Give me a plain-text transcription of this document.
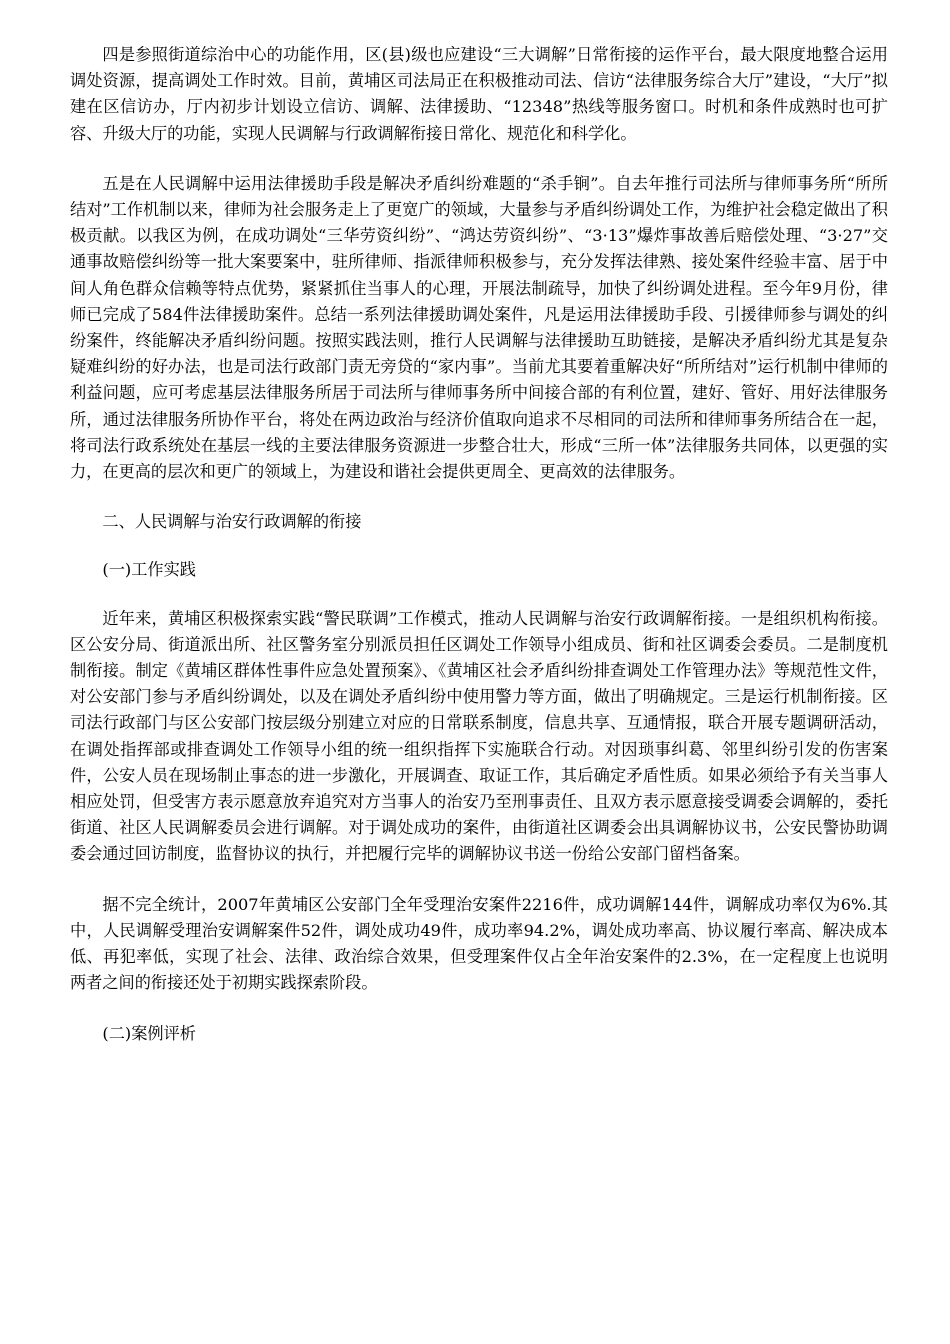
四是参照街道综治中心的功能作用，区(县)级也应建设“三大调解”日常衔接的运作平台，最大限度地整合运用调处资源，提高调处工作时效。目前，黄埔区司法局正在积极推动司法、信访“法律服务综合大厅”建设，“大厅”拟建在区信访办，厅内初步计划设立信访、调解、法律援助、“12348”热线等服务窗口。时机和条件成熟时也可扩容、升级大厅的功能，实现人民调解与行政调解衔接日常化、规范化和科学化。

五是在人民调解中运用法律援助手段是解决矛盾纠纷难题的“杀手锏”。自去年推行司法所与律师事务所“所所结对”工作机制以来，律师为社会服务走上了更宽广的领域，大量参与矛盾纠纷调处工作，为维护社会稳定做出了积极贡献。以我区为例，在成功调处“三华劳资纠纷”、“鸿达劳资纠纷”、“3·13”爆炸事故善后赔偿处理、“3·27”交通事故赔偿纠纷等一批大案要案中，驻所律师、指派律师积极参与，充分发挥法律熟、接处案件经验丰富、居于中间人角色群众信赖等特点优势，紧紧抓住当事人的心理，开展法制疏导，加快了纠纷调处进程。至今年9月份，律师已完成了584件法律援助案件。总结一系列法律援助调处案件，凡是运用法律援助手段、引援律师参与调处的纠纷案件，终能解决矛盾纠纷问题。按照实践法则，推行人民调解与法律援助互助链接，是解决矛盾纠纷尤其是复杂疑难纠纷的好办法，也是司法行政部门责无旁贷的“家内事”。当前尤其要着重解决好“所所结对”运行机制中律师的利益问题，应可考虑基层法律服务所居于司法所与律师事务所中间接合部的有利位置，建好、管好、用好法律服务所，通过法律服务所协作平台，将处在两边政治与经济价值取向追求不尽相同的司法所和律师事务所结合在一起，将司法行政系统处在基层一线的主要法律服务资源进一步整合壮大，形成“三所一体”法律服务共同体，以更强的实力，在更高的层次和更广的领域上，为建设和谐社会提供更周全、更高效的法律服务。

二、人民调解与治安行政调解的衔接

(一)工作实践

近年来，黄埔区积极探索实践“警民联调”工作模式，推动人民调解与治安行政调解衔接。一是组织机构衔接。区公安分局、街道派出所、社区警务室分别派员担任区调处工作领导小组成员、街和社区调委会委员。二是制度机制衔接。制定《黄埔区群体性事件应急处置预案》、《黄埔区社会矛盾纠纷排查调处工作管理办法》等规范性文件，对公安部门参与矛盾纠纷调处，以及在调处矛盾纠纷中使用警力等方面，做出了明确规定。三是运行机制衔接。区司法行政部门与区公安部门按层级分别建立对应的日常联系制度，信息共享、互通情报，联合开展专题调研活动，在调处指挥部或排查调处工作领导小组的统一组织指挥下实施联合行动。对因琐事纠葛、邻里纠纷引发的伤害案件，公安人员在现场制止事态的进一步激化，开展调查、取证工作，其后确定矛盾性质。如果必须给予有关当事人相应处罚，但受害方表示愿意放弃追究对方当事人的治安乃至刑事责任、且双方表示愿意接受调委会调解的，委托街道、社区人民调解委员会进行调解。对于调处成功的案件，由街道社区调委会出具调解协议书，公安民警协助调委会通过回访制度，监督协议的执行，并把履行完毕的调解协议书送一份给公安部门留档备案。

据不完全统计，2007年黄埔区公安部门全年受理治安案件2216件，成功调解144件，调解成功率仅为6%.其中，人民调解受理治安调解案件52件，调处成功49件，成功率94.2%，调处成功率高、协议履行率高、解决成本低、再犯率低，实现了社会、法律、政治综合效果，但受理案件仅占全年治安案件的2.3%，在一定程度上也说明两者之间的衔接还处于初期实践探索阶段。

(二)案例评析
